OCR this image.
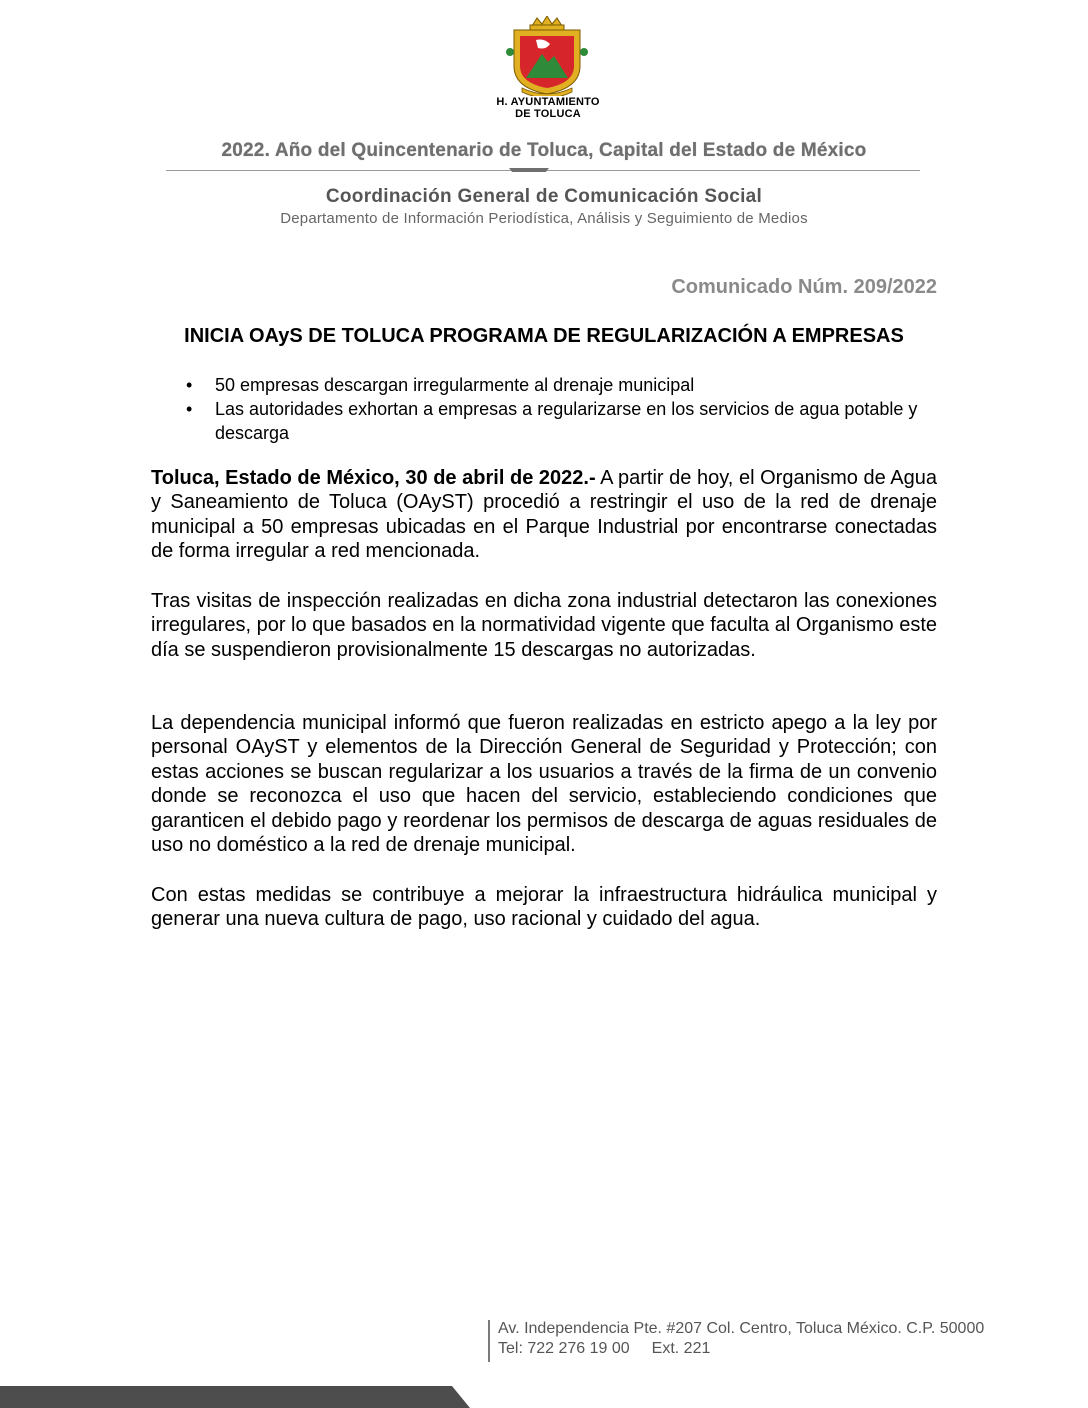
H. AYUNTAMIENTO
DE TOLUCA
2022. Año del Quincentenario de Toluca, Capital del Estado de México
Coordinación General de Comunicación Social
Departamento de Información Periodística, Análisis y Seguimiento de Medios
Comunicado Núm. 209/2022
INICIA OAyS DE TOLUCA PROGRAMA DE REGULARIZACIÓN A EMPRESAS
• 50 empresas descargan irregularmente al drenaje municipal
• Las autoridades exhortan a empresas a regularizarse en los servicios de agua potable y descarga

Toluca, Estado de México, 30 de abril de 2022.- A partir de hoy, el Organismo de Agua y Saneamiento de Toluca (OAyST) procedió a restringir el uso de la red de drenaje municipal a 50 empresas ubicadas en el Parque Industrial por encontrarse conectadas de forma irregular a red mencionada.

Tras visitas de inspección realizadas en dicha zona industrial detectaron las conexiones irregulares, por lo que basados en la normatividad vigente que faculta al Organismo este día se suspendieron provisionalmente 15 descargas no autorizadas.

La dependencia municipal informó que fueron realizadas en estricto apego a la ley por personal OAyST y elementos de la Dirección General de Seguridad y Protección; con estas acciones se buscan regularizar a los usuarios a través de la firma de un convenio donde se reconozca el uso que hacen del servicio, estableciendo condiciones que garanticen el debido pago y reordenar los permisos de descarga de aguas residuales de uso no doméstico a la red de drenaje municipal.

Con estas medidas se contribuye a mejorar la infraestructura hidráulica municipal y generar una nueva cultura de pago, uso racional y cuidado del agua.

Av. Independencia Pte. #207 Col. Centro, Toluca México. C.P. 50000
Tel: 722 276 19 00 Ext. 221
